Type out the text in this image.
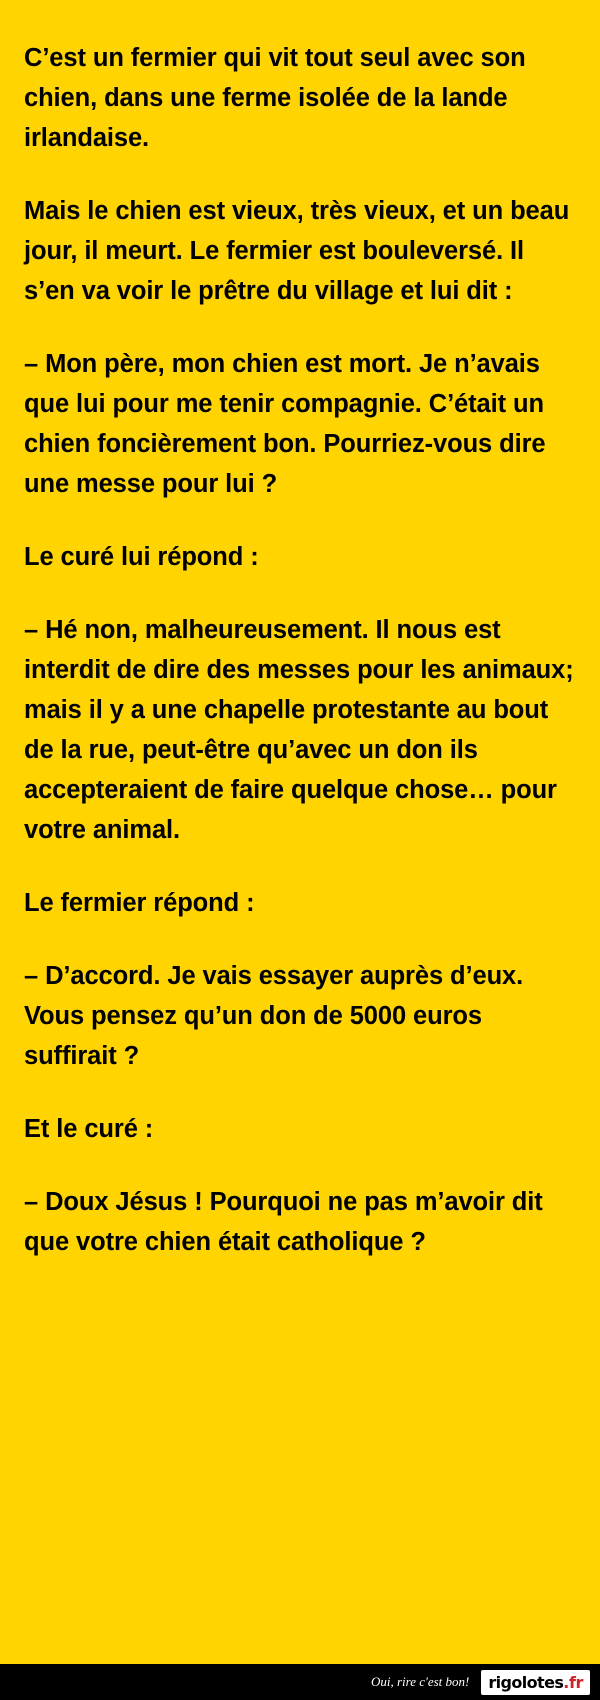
C’est un fermier qui vit tout seul avec son chien, dans une ferme isolée de la lande irlandaise.

Mais le chien est vieux, très vieux, et un beau jour, il meurt. Le fermier est bouleversé. Il s’en va voir le prêtre du village et lui dit :

– Mon père, mon chien est mort. Je n’avais que lui pour me tenir compagnie. C’était un chien foncièrement bon. Pourriez-vous dire une messe pour lui ?

Le curé lui répond :

– Hé non, malheureusement. Il nous est interdit de dire des messes pour les animaux; mais il y a une chapelle protestante au bout de la rue, peut-être qu’avec un don ils accepteraient de faire quelque chose… pour votre animal.

Le fermier répond :

– D’accord. Je vais essayer auprès d’eux. Vous pensez qu’un don de 5000 euros suffirait ?

Et le curé :

– Doux Jésus ! Pourquoi ne pas m’avoir dit que votre chien était catholique ?

Oui, rire c'est bon! rigolotes .fr
